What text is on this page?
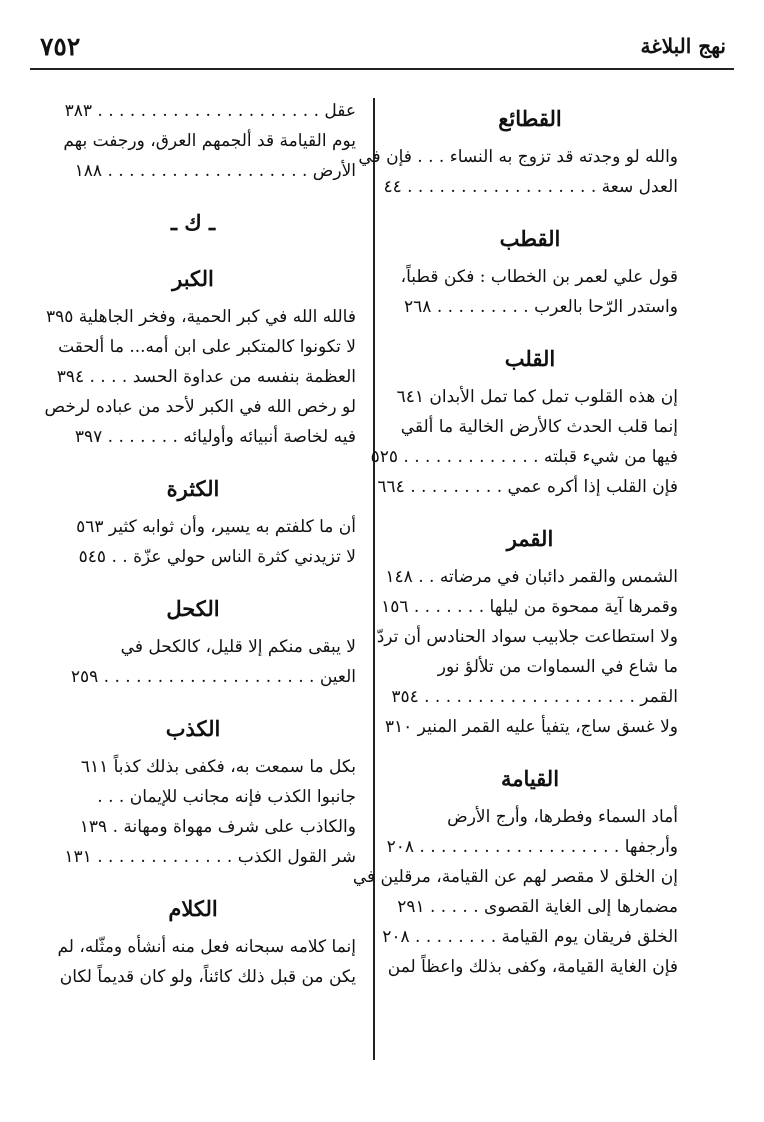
٧٥٢	نهج البلاغة
القطائع
والله لو وجدته قد تزوج به النساء . . . فإن في
العدل سعة . . . . . . . . . . . . . . . . . . ٤٤
القطب
قول علي لعمر بن الخطاب : فكن قطباً،
واستدر الرّحا بالعرب . . . . . . . . . ٢٦٨
القلب
إن هذه القلوب تمل كما تمل الأبدان ٦٤١
إنما قلب الحدث كالأرض الخالية ما ألقي
فيها من شيء قبلته . . . . . . . . . . . . . ٥٢٥
فإن القلب إذا أكره عمي . . . . . . . . . ٦٦٤
القمر
الشمس والقمر دائبان في مرضاته . . ١٤٨
وقمرها آية ممحوة من ليلها . . . . . . . ١٥٦
ولا استطاعت جلابيب سواد الحنادس أن تردّ
ما شاع في السماوات من تلألؤ نور
القمر . . . . . . . . . . . . . . . . . . . . ٣٥٤
ولا غسق ساج، يتفيأ عليه القمر المنير ٣١٠
القيامة
أماد السماء وفطرها، وأرج الأرض
وأرجفها . . . . . . . . . . . . . . . . . . . ٢٠٨
إن الخلق لا مقصر لهم عن القيامة، مرقلين في
مضمارها إلى الغاية القصوى . . . . . ٢٩١
الخلق فريقان يوم القيامة . . . . . . . . ٢٠٨
فإن الغاية القيامة، وكفى بذلك واعظاً لمن
عقل . . . . . . . . . . . . . . . . . . . . . ٣٨٣
يوم القيامة قد ألجمهم العرق، ورجفت بهم
الأرض . . . . . . . . . . . . . . . . . . . ١٨٨
ـ ك ـ
الكبر
فالله الله في كبر الحمية، وفخر الجاهلية ٣٩٥
لا تكونوا كالمتكبر على ابن أمه... ما ألحقت
العظمة بنفسه من عداوة الحسد . . . . ٣٩٤
لو رخص الله في الكبر لأحد من عباده لرخص
فيه لخاصة أنبيائه وأوليائه . . . . . . . ٣٩٧
الكثرة
أن ما كلفتم به يسير، وأن ثوابه كثير ٥٦٣
لا تزيدني كثرة الناس حولي عزّة . . ٥٤٥
الكحل
لا يبقى منكم إلا قليل، كالكحل في
العين . . . . . . . . . . . . . . . . . . . . ٢٥٩
الكذب
بكل ما سمعت به، فكفى بذلك كذباً ٦١١
جانبوا الكذب فإنه مجانب للإيمان . . .
والكاذب على شرف مهواة ومهانة . ١٣٩
شر القول الكذب . . . . . . . . . . . . . ١٣١
الكلام
إنما كلامه سبحانه فعل منه أنشأه ومثّله، لم
يكن من قبل ذلك كائناً، ولو كان قديماً لكان
